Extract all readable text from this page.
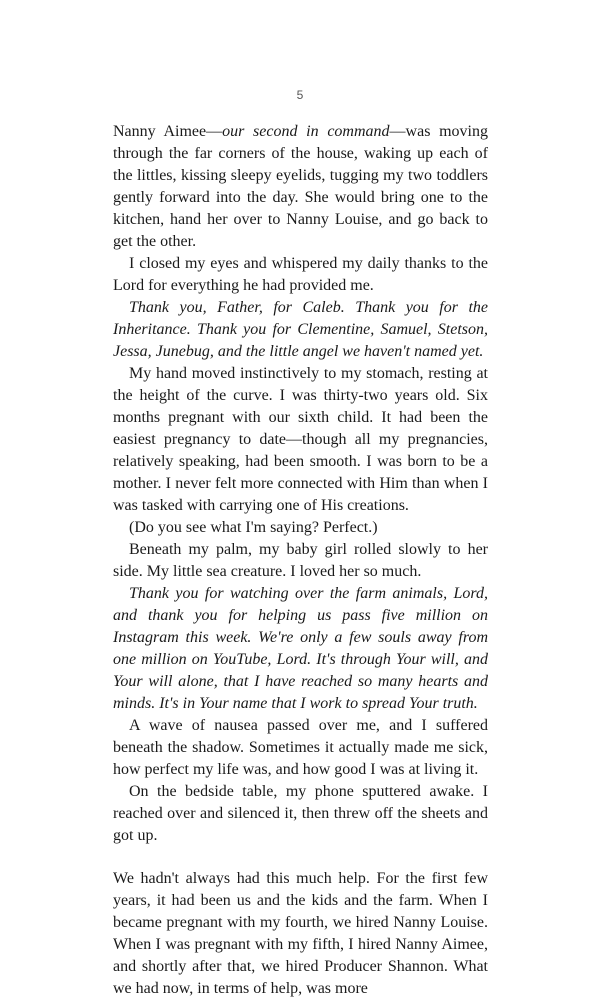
5

Nanny Aimee—our second in command—was moving through the far corners of the house, waking up each of the littles, kissing sleepy eyelids, tugging my two toddlers gently forward into the day. She would bring one to the kitchen, hand her over to Nanny Louise, and go back to get the other.

I closed my eyes and whispered my daily thanks to the Lord for everything he had provided me.

Thank you, Father, for Caleb. Thank you for the Inheritance. Thank you for Clementine, Samuel, Stetson, Jessa, Junebug, and the little angel we haven't named yet.

My hand moved instinctively to my stomach, resting at the height of the curve. I was thirty-two years old. Six months pregnant with our sixth child. It had been the easiest pregnancy to date—though all my pregnancies, relatively speaking, had been smooth. I was born to be a mother. I never felt more connected with Him than when I was tasked with carrying one of His creations.

(Do you see what I'm saying? Perfect.)

Beneath my palm, my baby girl rolled slowly to her side. My little sea creature. I loved her so much.

Thank you for watching over the farm animals, Lord, and thank you for helping us pass five million on Instagram this week. We're only a few souls away from one million on YouTube, Lord. It's through Your will, and Your will alone, that I have reached so many hearts and minds. It's in Your name that I work to spread Your truth.

A wave of nausea passed over me, and I suffered beneath the shadow. Sometimes it actually made me sick, how perfect my life was, and how good I was at living it.

On the bedside table, my phone sputtered awake. I reached over and silenced it, then threw off the sheets and got up.

We hadn't always had this much help. For the first few years, it had been us and the kids and the farm. When I became pregnant with my fourth, we hired Nanny Louise. When I was pregnant with my fifth, I hired Nanny Aimee, and shortly after that, we hired Producer Shannon. What we had now, in terms of help, was more
